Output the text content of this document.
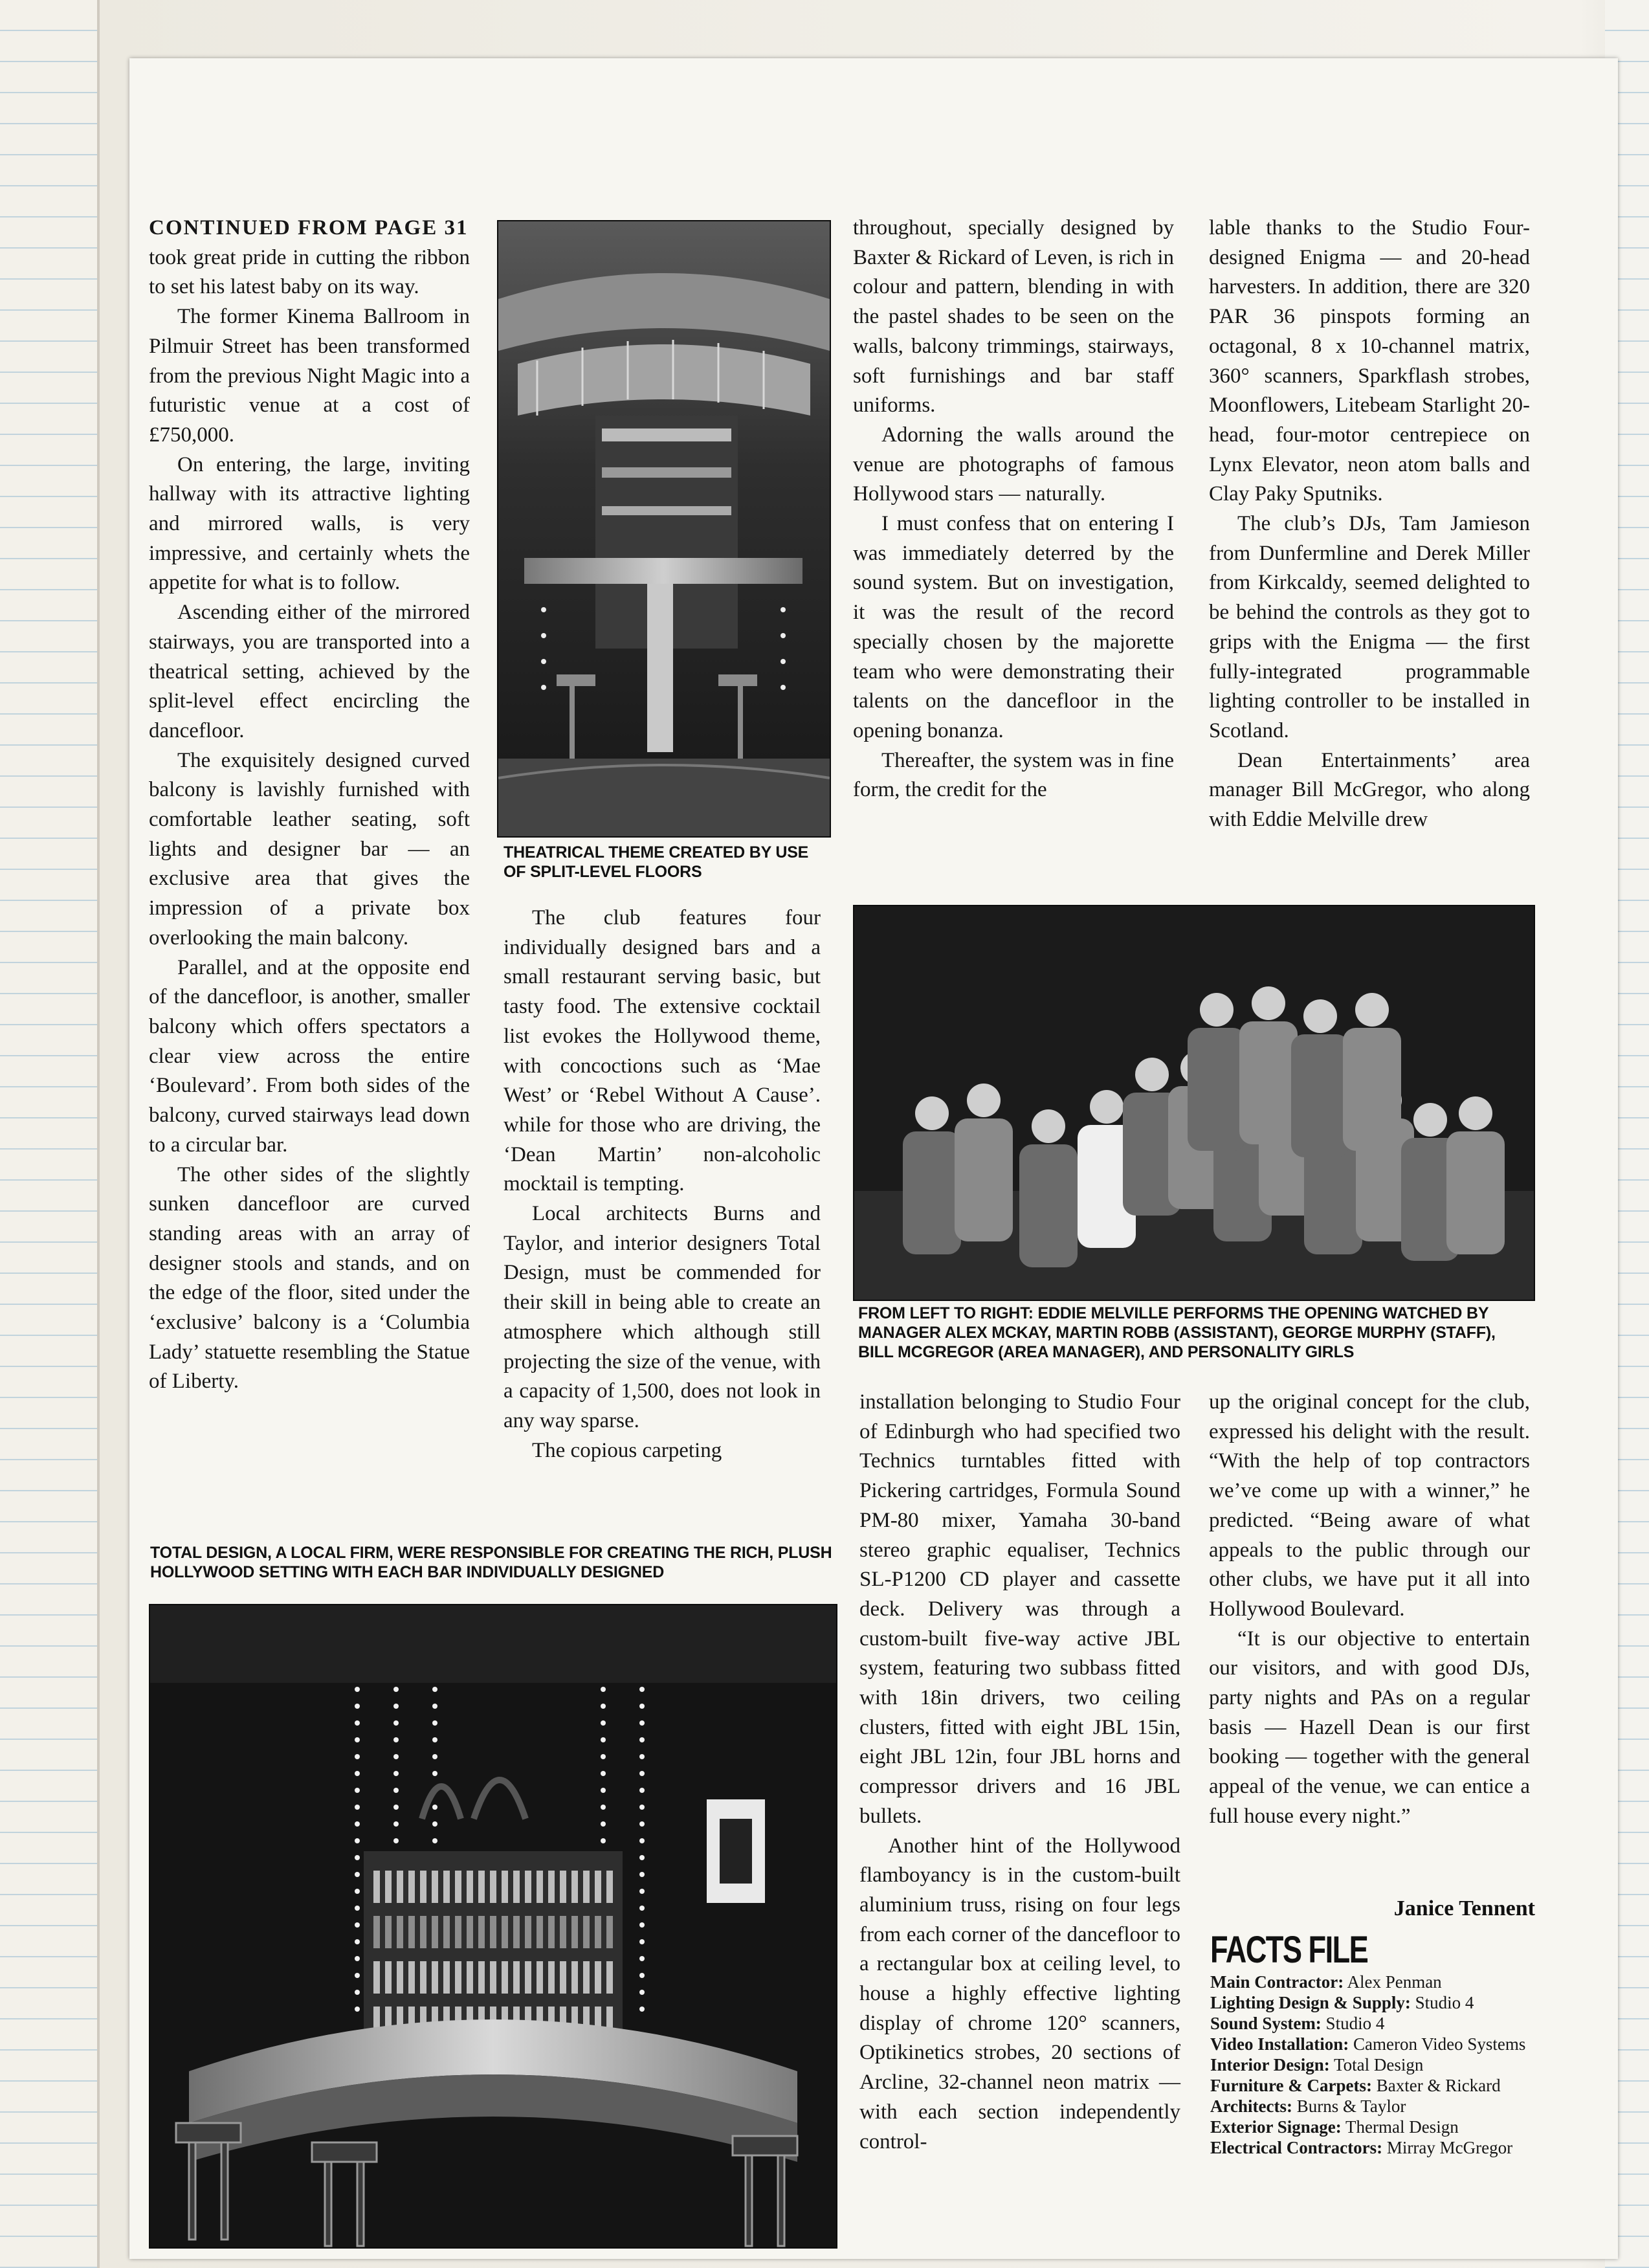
CONTINUED FROM PAGE 31

took great pride in cutting the ribbon to set his latest baby on its way.

The former Kinema Ballroom in Pilmuir Street has been transformed from the previous Night Magic into a futuristic venue at a cost of £750,000.

On entering, the large, inviting hallway with its attractive lighting and mirrored walls, is very impressive, and certainly whets the appetite for what is to follow.

Ascending either of the mirrored stairways, you are transported into a theatrical setting, achieved by the split-level effect encircling the dancefloor.

The exquisitely designed curved balcony is lavishly furnished with comfortable leather seating, soft lights and designer bar — an exclusive area that gives the impression of a private box overlooking the main balcony.

Parallel, and at the opposite end of the dancefloor, is another, smaller balcony which offers spectators a clear view across the entire ‘Boulevard’. From both sides of the balcony, curved stairways lead down to a circular bar.

The other sides of the slightly sunken dancefloor are curved standing areas with an array of designer stools and stands, and on the edge of the floor, sited under the ‘exclusive’ balcony is a ‘Columbia Lady’ statuette resembling the Statue of Liberty.

THEATRICAL THEME CREATED BY USE OF SPLIT-LEVEL FLOORS

The club features four individually designed bars and a small restaurant serving basic, but tasty food. The extensive cocktail list evokes the Hollywood theme, with concoctions such as ‘Mae West’ or ‘Rebel Without A Cause’. while for those who are driving, the ‘Dean Martin’ non-alcoholic mocktail is tempting.

Local architects Burns and Taylor, and interior designers Total Design, must be commended for their skill in being able to create an atmosphere which although still projecting the size of the venue, with a capacity of 1,500, does not look in any way sparse.

The copious carpeting

throughout, specially designed by Baxter & Rickard of Leven, is rich in colour and pattern, blending in with the pastel shades to be seen on the walls, balcony trimmings, stairways, soft furnishings and bar staff uniforms.

Adorning the walls around the venue are photographs of famous Hollywood stars — naturally.

I must confess that on entering I was immediately deterred by the sound system. But on investigation, it was the result of the record specially chosen by the majorette team who were demonstrating their talents on the dancefloor in the opening bonanza.

Thereafter, the system was in fine form, the credit for the

lable thanks to the Studio Four-designed Enigma — and 20-head harvesters. In addition, there are 320 PAR 36 pinspots forming an octagonal, 8 x 10-channel matrix, 360° scanners, Sparkflash strobes, Moonflowers, Litebeam Starlight 20-head, four-motor centrepiece on Lynx Elevator, neon atom balls and Clay Paky Sputniks.

The club’s DJs, Tam Jamieson from Dunfermline and Derek Miller from Kirkcaldy, seemed delighted to be behind the controls as they got to grips with the Enigma — the first fully-integrated programmable lighting controller to be installed in Scotland.

Dean Entertainments’ area manager Bill McGregor, who along with Eddie Melville drew

FROM LEFT TO RIGHT: EDDIE MELVILLE PERFORMS THE OPENING WATCHED BY MANAGER ALEX MCKAY, MARTIN ROBB (ASSISTANT), GEORGE MURPHY (STAFF), BILL MCGREGOR (AREA MANAGER), AND PERSONALITY GIRLS

installation belonging to Studio Four of Edinburgh who had specified two Technics turntables fitted with Pickering cartridges, Formula Sound PM-80 mixer, Yamaha 30-band stereo graphic equaliser, Technics SL-P1200 CD player and cassette deck. Delivery was through a custom-built five-way active JBL system, featuring two subbass fitted with 18in drivers, two ceiling clusters, fitted with eight JBL 15in, eight JBL 12in, four JBL horns and compressor drivers and 16 JBL bullets.

Another hint of the Hollywood flamboyancy is in the custom-built aluminium truss, rising on four legs from each corner of the dancefloor to a rectangular box at ceiling level, to house a highly effective lighting display of chrome 120° scanners, Optikinetics strobes, 20 sections of Arcline, 32-channel neon matrix — with each section independently control-

up the original concept for the club, expressed his delight with the result. “With the help of top contractors we’ve come up with a winner,” he predicted. “Being aware of what appeals to the public through our other clubs, we have put it all into Hollywood Boulevard.

“It is our objective to entertain our visitors, and with good DJs, party nights and PAs on a regular basis — Hazell Dean is our first booking — together with the general appeal of the venue, we can entice a full house every night.”

Janice Tennent
FACTS FILE
Main Contractor: Alex Penman
Lighting Design & Supply: Studio 4
Sound System: Studio 4
Video Installation: Cameron Video Systems
Interior Design: Total Design
Furniture & Carpets: Baxter & Rickard
Architects: Burns & Taylor
Exterior Signage: Thermal Design
Electrical Contractors: Mirray McGregor
TOTAL DESIGN, A LOCAL FIRM, WERE RESPONSIBLE FOR CREATING THE RICH, PLUSH HOLLYWOOD SETTING WITH EACH BAR INDIVIDUALLY DESIGNED
